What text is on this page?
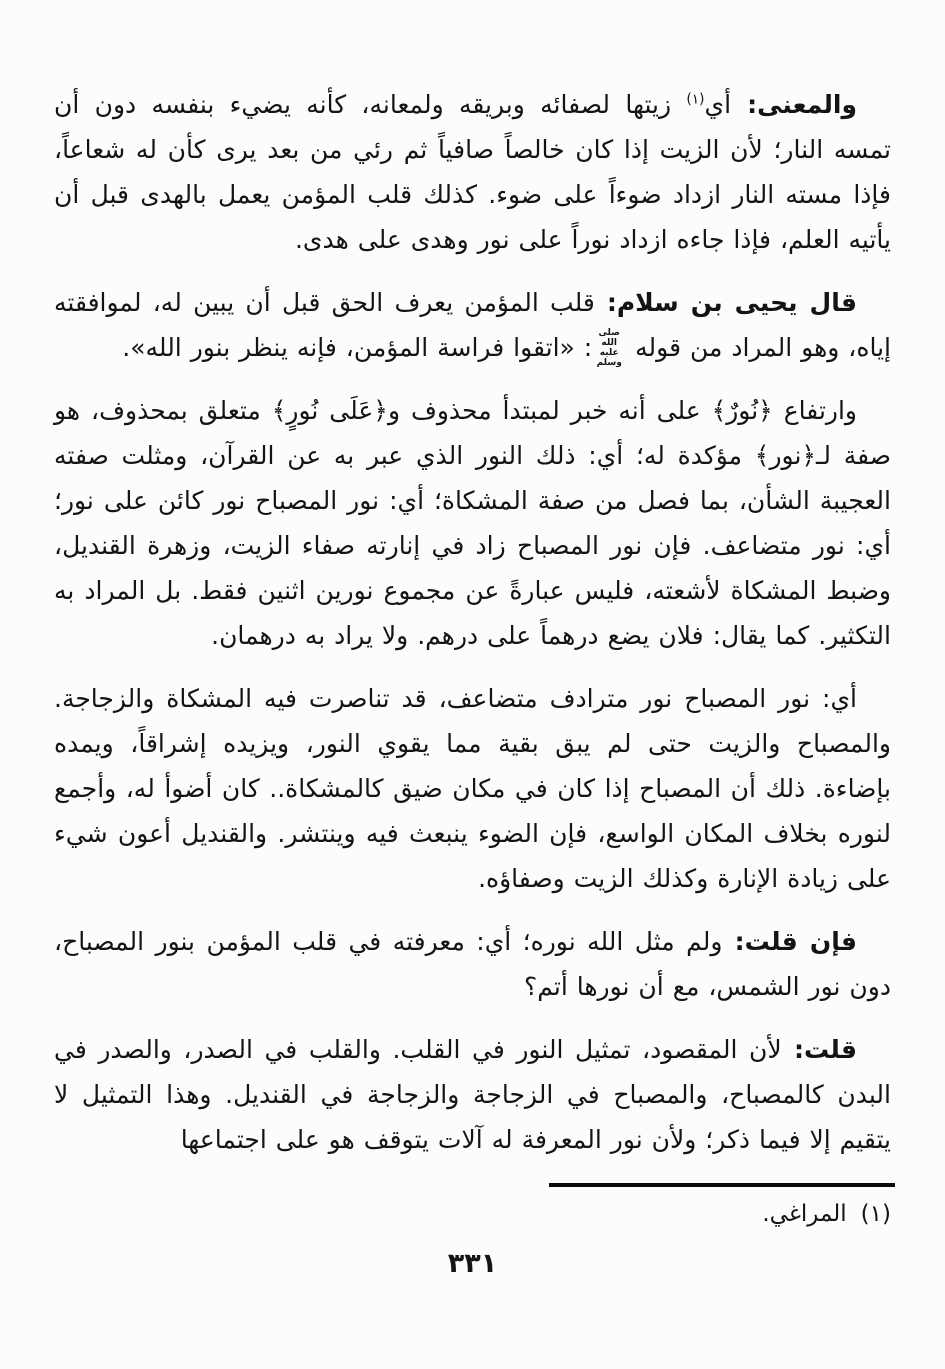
والمعنى: أي$^{(١)}$ زيتها لصفائه وبريقه ولمعانه، كأنه يضيء بنفسه دون أن تمسه النار؛ لأن الزيت إذا كان خالصاً صافياً ثم رئي من بعد يرى كأن له شعاعاً، فإذا مسته النار ازداد ضوءاً على ضوء. كذلك قلب المؤمن يعمل بالهدى قبل أن يأتيه العلم، فإذا جاءه ازداد نوراً على نور وهدى على هدى.

قال يحيى بن سلام: قلب المؤمن يعرف الحق قبل أن يبين له، لموافقته إياه، وهو المراد من قوله صلى الله عليه وسلم: «اتقوا فراسة المؤمن، فإنه ينظر بنور الله».

وارتفاع ﴿نُورٌ﴾ على أنه خبر لمبتدأ محذوف و﴿عَلَى نُورٍ﴾ متعلق بمحذوف، هو صفة لـ﴿نور﴾ مؤكدة له؛ أي: ذلك النور الذي عبر به عن القرآن، ومثلت صفته العجيبة الشأن، بما فصل من صفة المشكاة؛ أي: نور المصباح نور كائن على نور؛ أي: نور متضاعف. فإن نور المصباح زاد في إنارته صفاء الزيت، وزهرة القنديل، وضبط المشكاة لأشعته، فليس عبارةً عن مجموع نورين اثنين فقط. بل المراد به التكثير. كما يقال: فلان يضع درهماً على درهم. ولا يراد به درهمان.

أي: نور المصباح نور مترادف متضاعف، قد تناصرت فيه المشكاة والزجاجة. والمصباح والزيت حتى لم يبق بقية مما يقوي النور، ويزيده إشراقاً، ويمده بإضاءة. ذلك أن المصباح إذا كان في مكان ضيق كالمشكاة.. كان أضوأ له، وأجمع لنوره بخلاف المكان الواسع، فإن الضوء ينبعث فيه وينتشر. والقنديل أعون شيء على زيادة الإنارة وكذلك الزيت وصفاؤه.

فإن قلت: ولم مثل الله نوره؛ أي: معرفته في قلب المؤمن بنور المصباح، دون نور الشمس، مع أن نورها أتم؟

قلت: لأن المقصود، تمثيل النور في القلب. والقلب في الصدر، والصدر في البدن كالمصباح، والمصباح في الزجاجة والزجاجة في القنديل. وهذا التمثيل لا يتقيم إلا فيما ذكر؛ ولأن نور المعرفة له آلات يتوقف هو على اجتماعها

(١)المراغي.
٣٣١
